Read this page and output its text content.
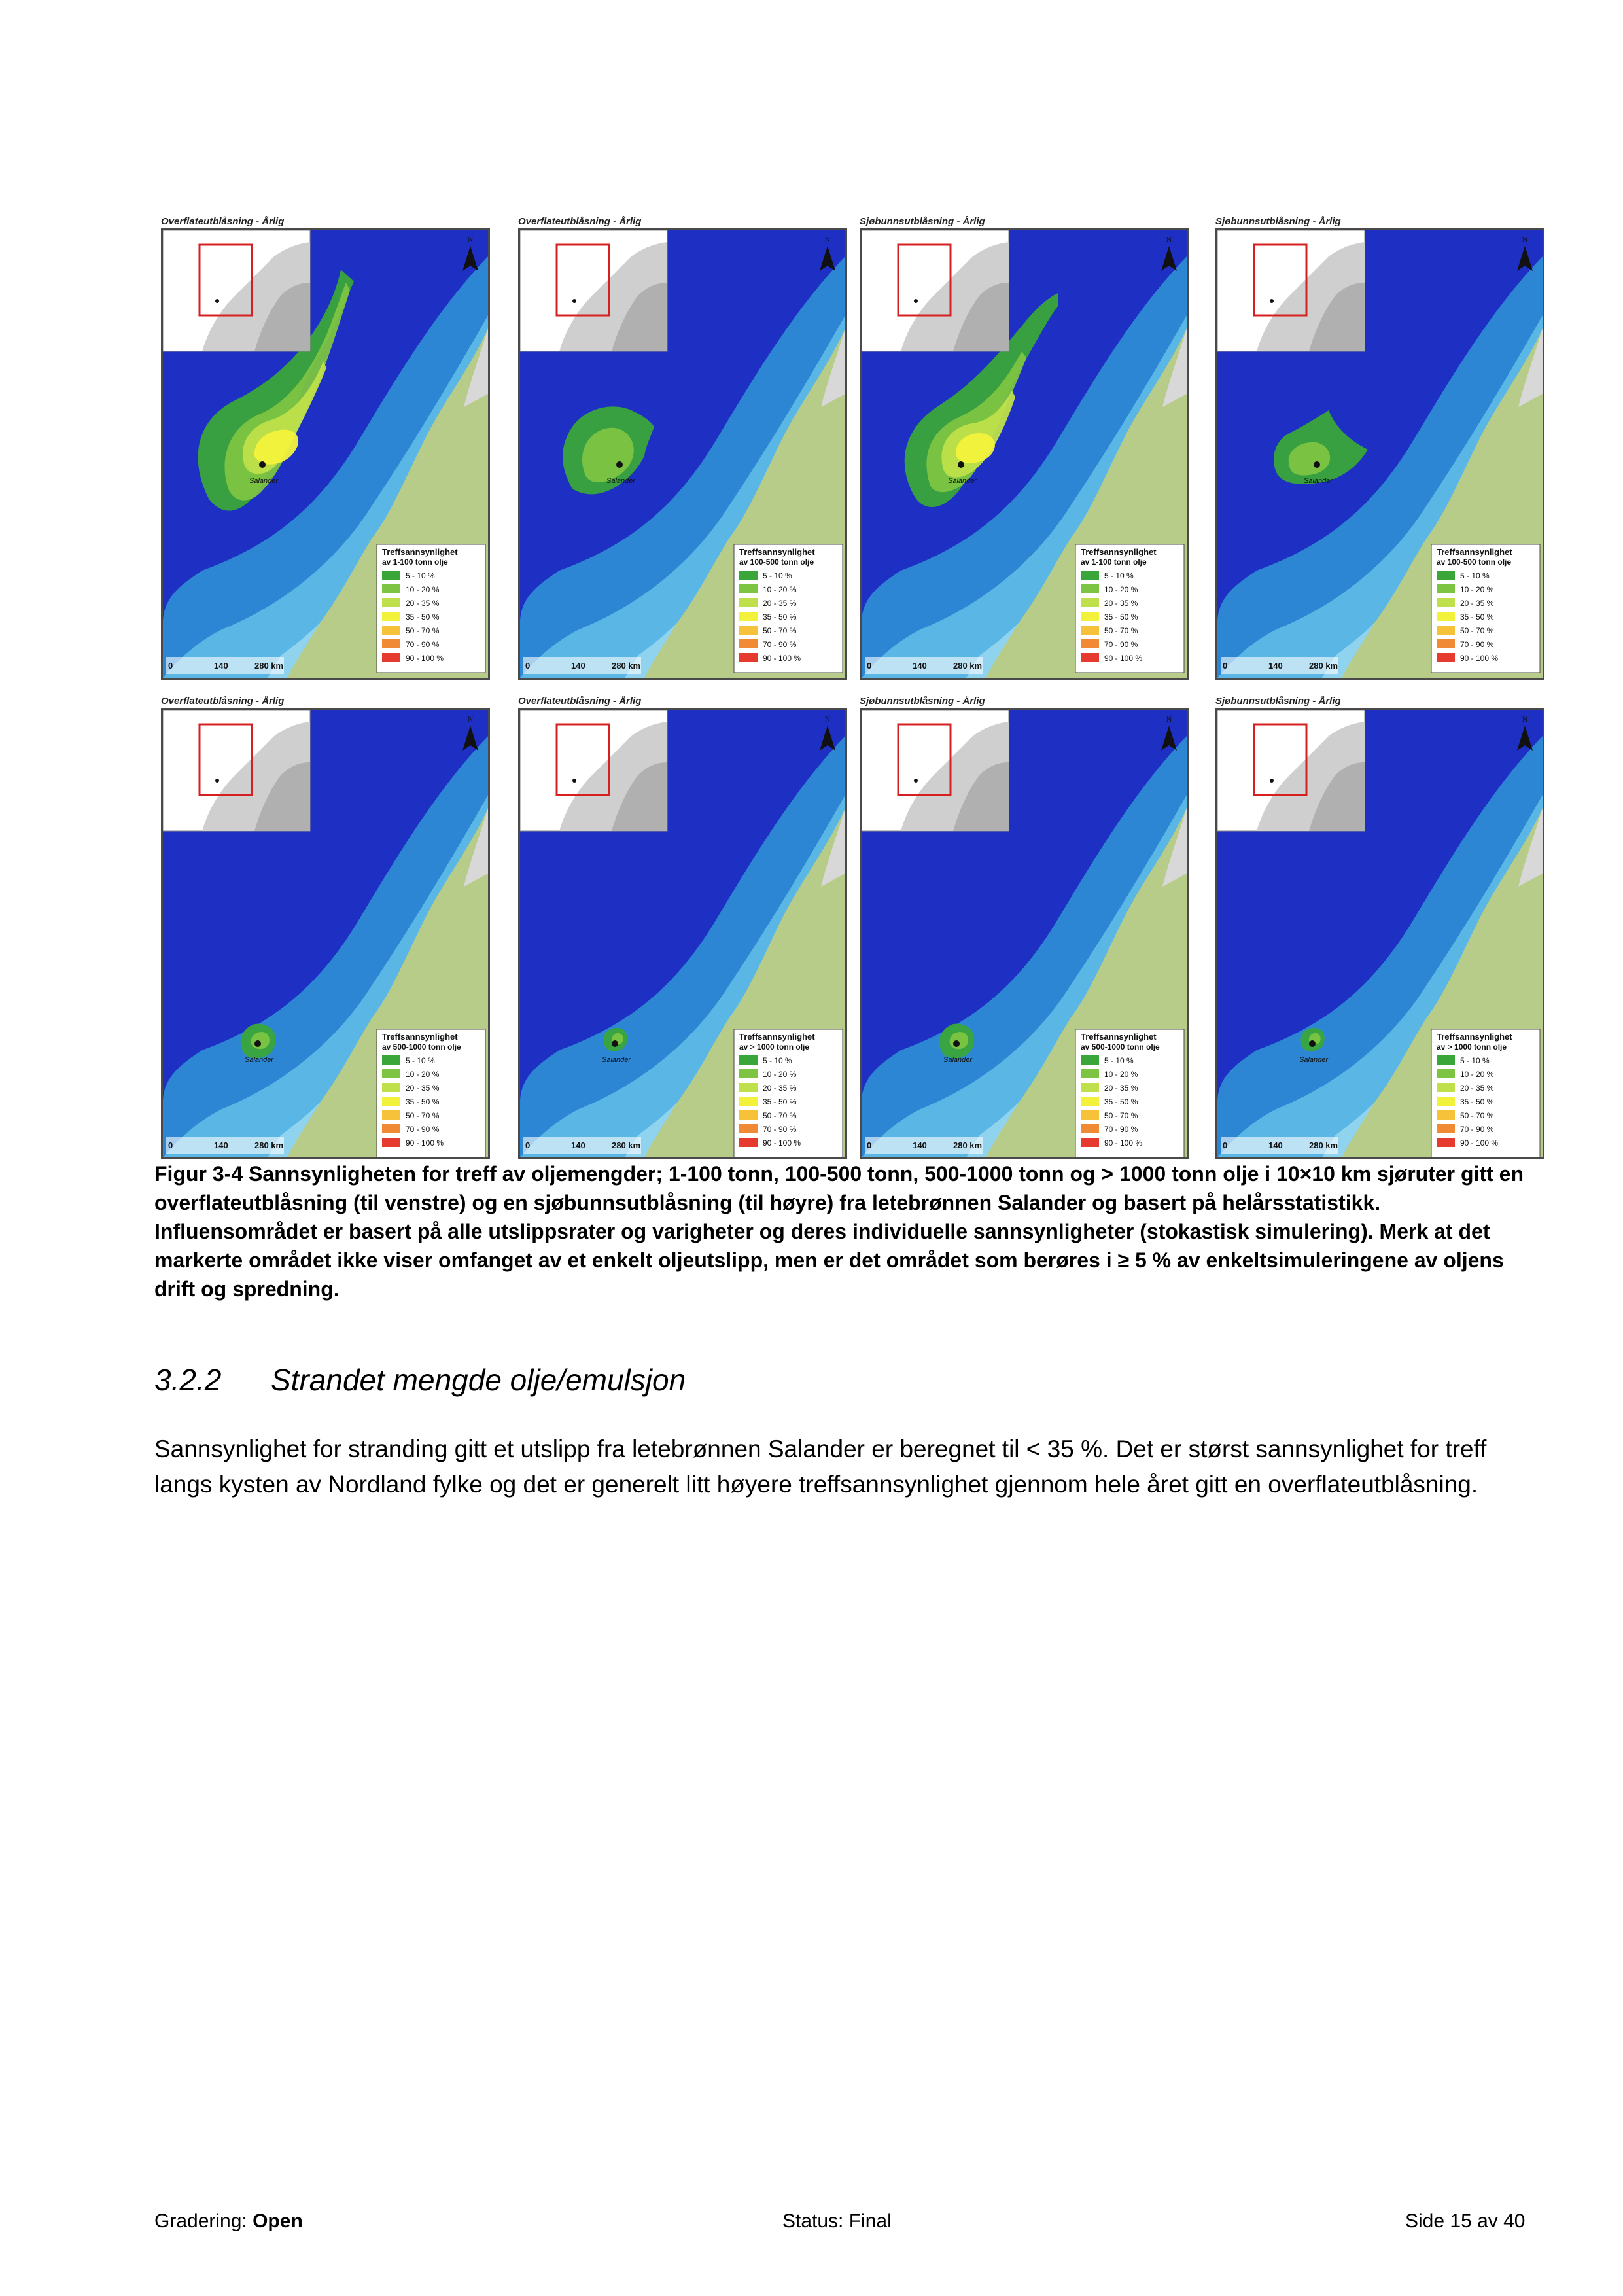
Overflateutblåsning - Årlig
Salander
N
Treffsannsynlighet
av 1-100 tonn olje
5 - 10 %
10 - 20 %
20 - 35 %
35 - 50 %
50 - 70 %
70 - 90 %
90 - 100 %
0	140	280 km
Overflateutblåsning - Årlig
Salander
N
Treffsannsynlighet
av 100-500 tonn olje
5 - 10 %
10 - 20 %
20 - 35 %
35 - 50 %
50 - 70 %
70 - 90 %
90 - 100 %
0	140	280 km
Sjøbunnsutblåsning - Årlig
Salander
N
Treffsannsynlighet
av 1-100 tonn olje
5 - 10 %
10 - 20 %
20 - 35 %
35 - 50 %
50 - 70 %
70 - 90 %
90 - 100 %
0	140	280 km
Sjøbunnsutblåsning - Årlig
Salander
N
Treffsannsynlighet
av 100-500 tonn olje
5 - 10 %
10 - 20 %
20 - 35 %
35 - 50 %
50 - 70 %
70 - 90 %
90 - 100 %
0	140	280 km
Overflateutblåsning - Årlig
Salander
N
Treffsannsynlighet
av 500-1000 tonn olje
5 - 10 %
10 - 20 %
20 - 35 %
35 - 50 %
50 - 70 %
70 - 90 %
90 - 100 %
0	140	280 km
Overflateutblåsning - Årlig
Salander
N
Treffsannsynlighet
av > 1000 tonn olje
5 - 10 %
10 - 20 %
20 - 35 %
35 - 50 %
50 - 70 %
70 - 90 %
90 - 100 %
0	140	280 km
Sjøbunnsutblåsning - Årlig
Salander
N
Treffsannsynlighet
av 500-1000 tonn olje
5 - 10 %
10 - 20 %
20 - 35 %
35 - 50 %
50 - 70 %
70 - 90 %
90 - 100 %
0	140	280 km
Sjøbunnsutblåsning - Årlig
Salander
N
Treffsannsynlighet
av > 1000 tonn olje
5 - 10 %
10 - 20 %
20 - 35 %
35 - 50 %
50 - 70 %
70 - 90 %
90 - 100 %
0	140	280 km

Figur 3-4 Sannsynligheten for treff av oljemengder; 1-100 tonn, 100-500 tonn, 500-1000 tonn og > 1000 tonn olje i 10×10 km sjøruter gitt en overflateutblåsning (til venstre) og en sjøbunnsutblåsning (til høyre) fra letebrønnen Salander og basert på helårsstatistikk. Influensområdet er basert på alle utslippsrater og varigheter og deres individuelle sannsynligheter (stokastisk simulering). Merk at det markerte området ikke viser omfanget av et enkelt oljeutslipp, men er det området som berøres i ≥ 5 % av enkeltsimuleringene av oljens drift og spredning.

3.2.2 Strandet mengde olje/emulsjon
Sannsynlighet for stranding gitt et utslipp fra letebrønnen Salander er beregnet til < 35 %. Det er størst sannsynlighet for treff langs kysten av Nordland fylke og det er generelt litt høyere treffsannsynlighet gjennom hele året gitt en overflateutblåsning.
Gradering: Open	Status: Final	Side 15 av 40
